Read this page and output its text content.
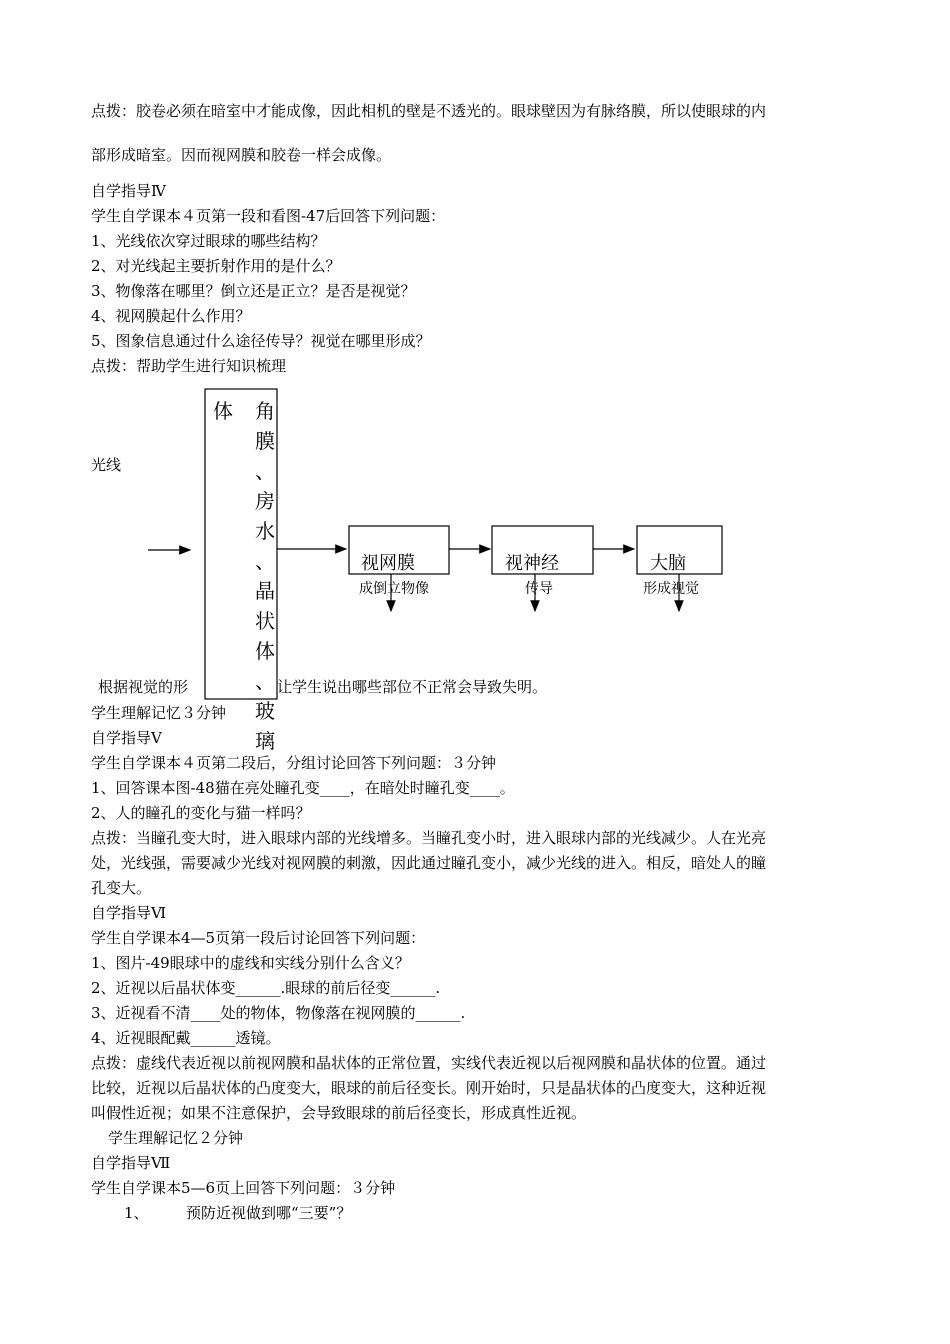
点拨：胶卷必须在暗室中才能成像，因此相机的壁是不透光的。眼球壁因为有脉络膜，所以使眼球的内
部形成暗室。因而视网膜和胶卷一样会成像。
自学指导Ⅳ
学生自学课本４页第一段和看图-47后回答下列问题：
1、光线依次穿过眼球的哪些结构？
2、对光线起主要折射作用的是什么？
3、物像落在哪里？倒立还是正立？是否是视觉？
4、视网膜起什么作用？
5、图象信息通过什么途径传导？视觉在哪里形成？
点拨：帮助学生进行知识梳理
光线
体 角
膜
、
房
水
、
晶
状
体
、
玻
璃
视网膜	视神经	大脑
成倒立物像	传导	形成视觉
根据视觉的形	让学生说出哪些部位不正常会导致失明。
学生理解记忆３分钟
自学指导Ⅴ
学生自学课本４页第二段后，分组讨论回答下列问题：３分钟
1、回答课本图-48猫在亮处瞳孔变____，在暗处时瞳孔变____。
2、人的瞳孔的变化与猫一样吗？
点拨：当瞳孔变大时，进入眼球内部的光线增多。当瞳孔变小时，进入眼球内部的光线减少。人在光亮
处，光线强，需要减少光线对视网膜的刺激，因此通过瞳孔变小，减少光线的进入。相反，暗处人的瞳
孔变大。
自学指导Ⅵ
学生自学课本4—5页第一段后讨论回答下列问题：
1、图片-49眼球中的虚线和实线分别什么含义？
2、近视以后晶状体变______.眼球的前后径变______.
3、近视看不清____处的物体，物像落在视网膜的______.
4、近视眼配戴______透镜。
点拨：虚线代表近视以前视网膜和晶状体的正常位置，实线代表近视以后视网膜和晶状体的位置。通过
比较，近视以后晶状体的凸度变大，眼球的前后径变长。刚开始时，只是晶状体的凸度变大，这种近视
叫假性近视；如果不注意保护，会导致眼球的前后径变长，形成真性近视。
学生理解记忆２分钟
自学指导Ⅶ
学生自学课本5—6页上回答下列问题：３分钟
1、 预防近视做到哪“三要”？
